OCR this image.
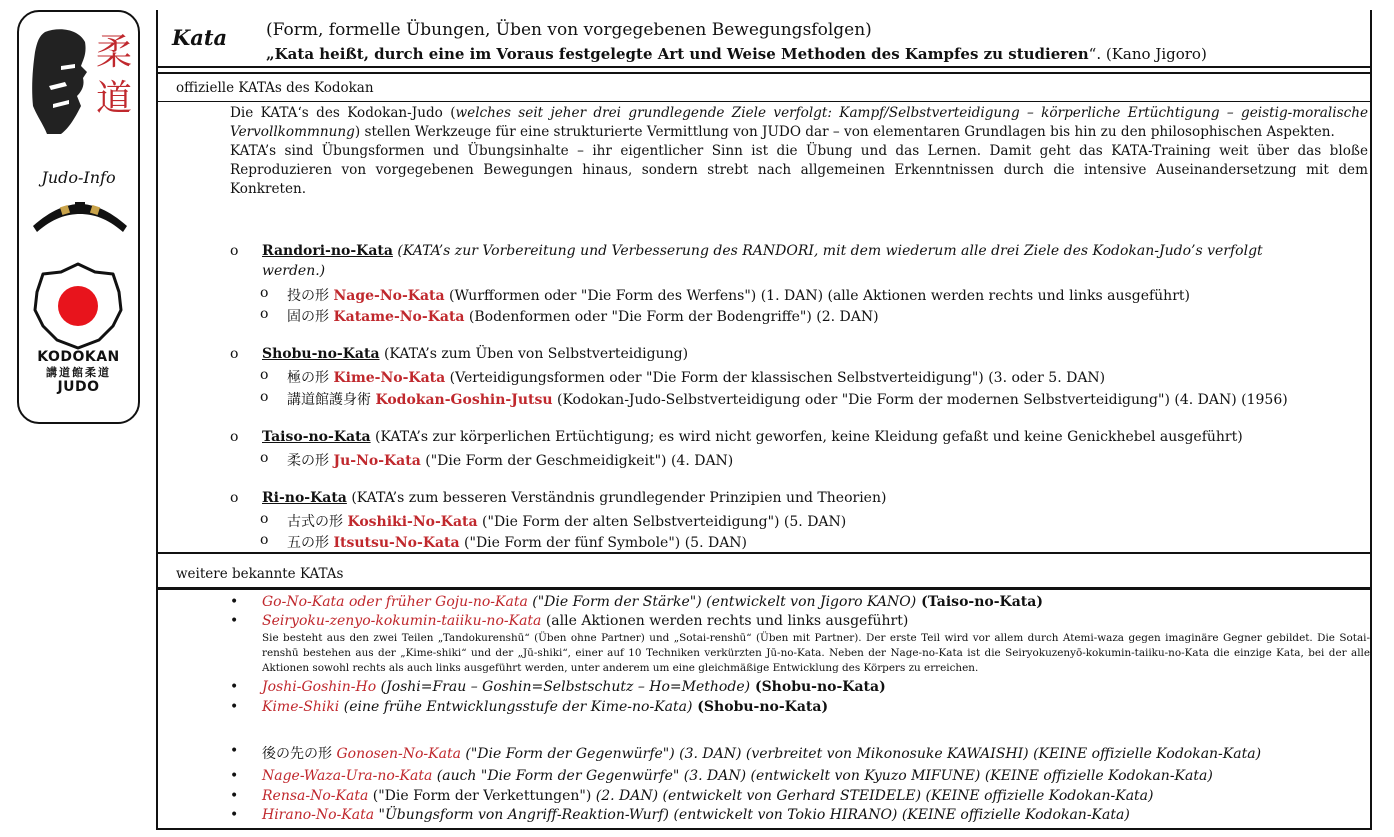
柔
道
Judo-Info
KODOKAN
講道館柔道
JUDO
Kata (Form, formelle Übungen, Üben von vorgegebenen Bewegungsfolgen)
„Kata heißt, durch eine im Voraus festgelegte Art und Weise Methoden des Kampfes zu studieren“. (Kano Jigoro)
offizielle KATAs des Kodokan

Die KATA‘s des Kodokan-Judo (welches seit jeher drei grundlegende Ziele verfolgt: Kampf/Selbstverteidigung – körperliche Ertüchtigung – geistig-moralische Vervollkommnung) stellen Werkzeuge für eine strukturierte Vermittlung von JUDO dar – von elementaren Grundlagen bis hin zu den philosophischen Aspekten.

KATA’s sind Übungsformen und Übungsinhalte – ihr eigentlicher Sinn ist die Übung und das Lernen. Damit geht das KATA-Training weit über das bloße Reproduzieren von vorgegebenen Bewegungen hinaus, sondern strebt nach allgemeinen Erkenntnissen durch die intensive Auseinandersetzung mit dem Konkreten.

o Randori-no-Kata (KATA’s zur Vorbereitung und Verbesserung des RANDORI, mit dem wiederum alle drei Ziele des Kodokan-Judo’s verfolgt
werden.)
o 投の形 Nage-No-Kata (Wurfformen oder "Die Form des Werfens") (1. DAN) (alle Aktionen werden rechts und links ausgeführt)
o 固の形 Katame-No-Kata (Bodenformen oder "Die Form der Bodengriffe") (2. DAN)
o Shobu-no-Kata (KATA’s zum Üben von Selbstverteidigung)
o 極の形 Kime-No-Kata (Verteidigungsformen oder "Die Form der klassischen Selbstverteidigung") (3. oder 5. DAN)
o 講道館護身術 Kodokan-Goshin-Jutsu (Kodokan-Judo-Selbstverteidigung oder "Die Form der modernen Selbstverteidigung") (4. DAN) (1956)
o Taiso-no-Kata (KATA’s zur körperlichen Ertüchtigung; es wird nicht geworfen, keine Kleidung gefaßt und keine Genickhebel ausgeführt)
o 柔の形 Ju-No-Kata ("Die Form der Geschmeidigkeit") (4. DAN)
o Ri-no-Kata (KATA’s zum besseren Verständnis grundlegender Prinzipien und Theorien)
o 古式の形 Koshiki-No-Kata ("Die Form der alten Selbstverteidigung") (5. DAN)
o 五の形 Itsutsu-No-Kata ("Die Form der fünf Symbole") (5. DAN)
weitere bekannte KATAs
• Go-No-Kata oder früher Goju-no-Kata ("Die Form der Stärke") (entwickelt von Jigoro KANO) (Taiso-no-Kata)
• Seiryoku-zenyo-kokumin-taiiku-no-Kata (alle Aktionen werden rechts und links ausgeführt)
Sie besteht aus den zwei Teilen „Tandokurenshū“ (Üben ohne Partner) und „Sotai-renshū“ (Üben mit Partner). Der erste Teil wird vor allem durch Atemi-waza gegen imaginäre Gegner gebildet. Die Sotai-renshū bestehen aus der „Kime-shiki“ und der „Jū-shiki“, einer auf 10 Techniken verkürzten Jū-no-Kata. Neben der Nage-no-Kata ist die Seiryokuzenyō-kokumin-taiiku-no-Kata die einzige Kata, bei der alle Aktionen sowohl rechts als auch links ausgeführt werden, unter anderem um eine gleichmäßige Entwicklung des Körpers zu erreichen.
• Joshi-Goshin-Ho (Joshi=Frau – Goshin=Selbstschutz – Ho=Methode) (Shobu-no-Kata)
• Kime-Shiki (eine frühe Entwicklungsstufe der Kime-no-Kata) (Shobu-no-Kata)
• 後の先の形 Gonosen-No-Kata ("Die Form der Gegenwürfe") (3. DAN) (verbreitet von Mikonosuke KAWAISHI) (KEINE offizielle Kodokan-Kata)
• Nage-Waza-Ura-no-Kata (auch "Die Form der Gegenwürfe" (3. DAN) (entwickelt von Kyuzo MIFUNE) (KEINE offizielle Kodokan-Kata)
• Rensa-No-Kata ("Die Form der Verkettungen") (2. DAN) (entwickelt von Gerhard STEIDELE) (KEINE offizielle Kodokan-Kata)
• Hirano-No-Kata "Übungsform von Angriff-Reaktion-Wurf) (entwickelt von Tokio HIRANO) (KEINE offizielle Kodokan-Kata)
